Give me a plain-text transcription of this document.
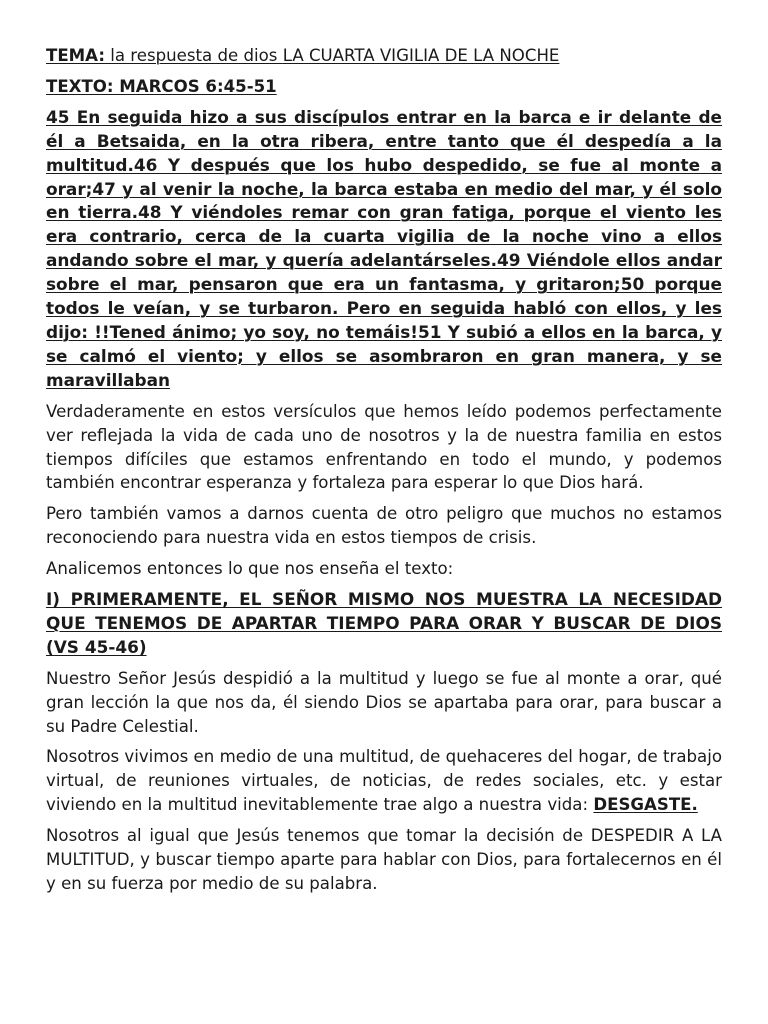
TEMA: la respuesta de dios LA CUARTA VIGILIA DE LA NOCHE

TEXTO: MARCOS 6:45-51

45 En seguida hizo a sus discípulos entrar en la barca e ir delante de él a Betsaida, en la otra ribera, entre tanto que él despedía a la multitud.46 Y después que los hubo despedido, se fue al monte a orar;47 y al venir la noche, la barca estaba en medio del mar, y él solo en tierra.48 Y viéndoles remar con gran fatiga, porque el viento les era contrario, cerca de la cuarta vigilia de la noche vino a ellos andando sobre el mar, y quería adelantárseles.49 Viéndole ellos andar sobre el mar, pensaron que era un fantasma, y gritaron;50 porque todos le veían, y se turbaron. Pero en seguida habló con ellos, y les dijo: !!Tened ánimo; yo soy, no temáis!51 Y subió a ellos en la barca, y se calmó el viento; y ellos se asombraron en gran manera, y se maravillaban

Verdaderamente en estos versículos que hemos leído podemos perfectamente ver reflejada la vida de cada uno de nosotros y la de nuestra familia en estos tiempos difíciles que estamos enfrentando en todo el mundo, y podemos también encontrar esperanza y fortaleza para esperar lo que Dios hará.

Pero también vamos a darnos cuenta de otro peligro que muchos no estamos reconociendo para nuestra vida en estos tiempos de crisis.

Analicemos entonces lo que nos enseña el texto:

I) PRIMERAMENTE, EL SEÑOR MISMO NOS MUESTRA LA NECESIDAD QUE TENEMOS DE APARTAR TIEMPO PARA ORAR Y BUSCAR DE DIOS (VS 45-46)

Nuestro Señor Jesús despidió a la multitud y luego se fue al monte a orar, qué gran lección la que nos da, él siendo Dios se apartaba para orar, para buscar a su Padre Celestial.

Nosotros vivimos en medio de una multitud, de quehaceres del hogar, de trabajo virtual, de reuniones virtuales, de noticias, de redes sociales, etc. y estar viviendo en la multitud inevitablemente trae algo a nuestra vida: DESGASTE.

Nosotros al igual que Jesús tenemos que tomar la decisión de DESPEDIR A LA MULTITUD, y buscar tiempo aparte para hablar con Dios, para fortalecernos en él y en su fuerza por medio de su palabra.
